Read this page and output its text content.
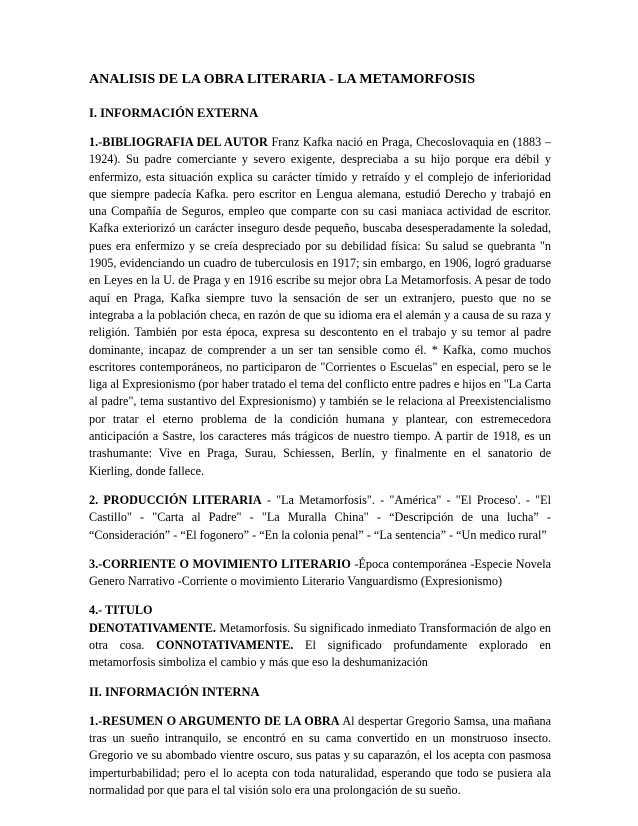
ANALISIS DE LA OBRA LITERARIA - LA METAMORFOSIS
I. INFORMACIÓN EXTERNA

1.-BIBLIOGRAFIA DEL AUTOR Franz Kafka nació en Praga, Checoslovaquia en (1883 – 1924). Su padre comerciante y severo exigente, despreciaba a su hijo porque era débil y enfermizo, esta situación explica su carácter tímido y retraído y el complejo de inferioridad que siempre padecía Kafka. pero escritor en Lengua alemana, estudió Derecho y trabajó en una Compañía de Seguros, empleo que comparte con su casi maniaca actividad de escritor. Kafka exteriorizó un carácter inseguro desde pequeño, buscaba desesperadamente la soledad, pues era enfermizo y se creía despreciado por su debilidad física: Su salud se quebranta "n 1905, evidenciando un cuadro de tuberculosis en 1917; sin embargo, en 1906, logró graduarse en Leyes en la U. de Praga y en 1916 escribe su mejor obra La Metamorfosis. A pesar de todo aquí en Praga, Kafka siempre tuvo la sensación de ser un extranjero, puesto que no se integraba a la población checa, en razón de que su idioma era el alemán y a causa de su raza y religión. También por esta época, expresa su descontento en el trabajo y su temor al padre dominante, incapaz de comprender a un ser tan sensible como él. * Kafka, como muchos escritores contemporáneos, no participaron de "Corrientes o Escuelas" en especial, pero se le liga al Expresionismo (por haber tratado el tema del conflicto entre padres e hijos en "La Carta al padre", tema sustantivo del Expresionismo) y también se le relaciona al Preexistencialismo por tratar el eterno problema de la condición humana y plantear, con estremecedora anticipación a Sastre, los caracteres más trágicos de nuestro tiempo. A partir de 1918, es un trashumante: Vive en Praga, Surau, Schiessen, Berlín, y finalmente en el sanatorio de Kierling, donde fallece.

2. PRODUCCIÓN LITERARIA - "La Metamorfosis". - "América" - "El Proceso'. - "El Castillo" - "Carta al Padre" - "La Muralla China" - “Descripción de una lucha” - “Consideración” - “El fogonero” - “En la colonia penal” - “La sentencia” - “Un medico rural”

3.-CORRIENTE O MOVIMIENTO LITERARIO -Época contemporánea -Especie Novela Genero Narrativo -Corriente o movimiento Literario Vanguardismo (Expresionismo)

4.- TITULO
DENOTATIVAMENTE. Metamorfosis. Su significado inmediato Transformación de algo en otra cosa. CONNOTATIVAMENTE. El significado profundamente explorado en metamorfosis simboliza el cambio y más que eso la deshumanización

II. INFORMACIÓN INTERNA

1.-RESUMEN O ARGUMENTO DE LA OBRA Al despertar Gregorio Samsa, una mañana tras un sueño intranquilo, se encontró en su cama convertido en un monstruoso insecto. Gregorio ve su abombado vientre oscuro, sus patas y su caparazón, el los acepta con pasmosa imperturbabilidad; pero el lo acepta con toda naturalidad, esperando que todo se pusiera ala normalidad por que para el tal visión solo era una prolongación de su sueño.
